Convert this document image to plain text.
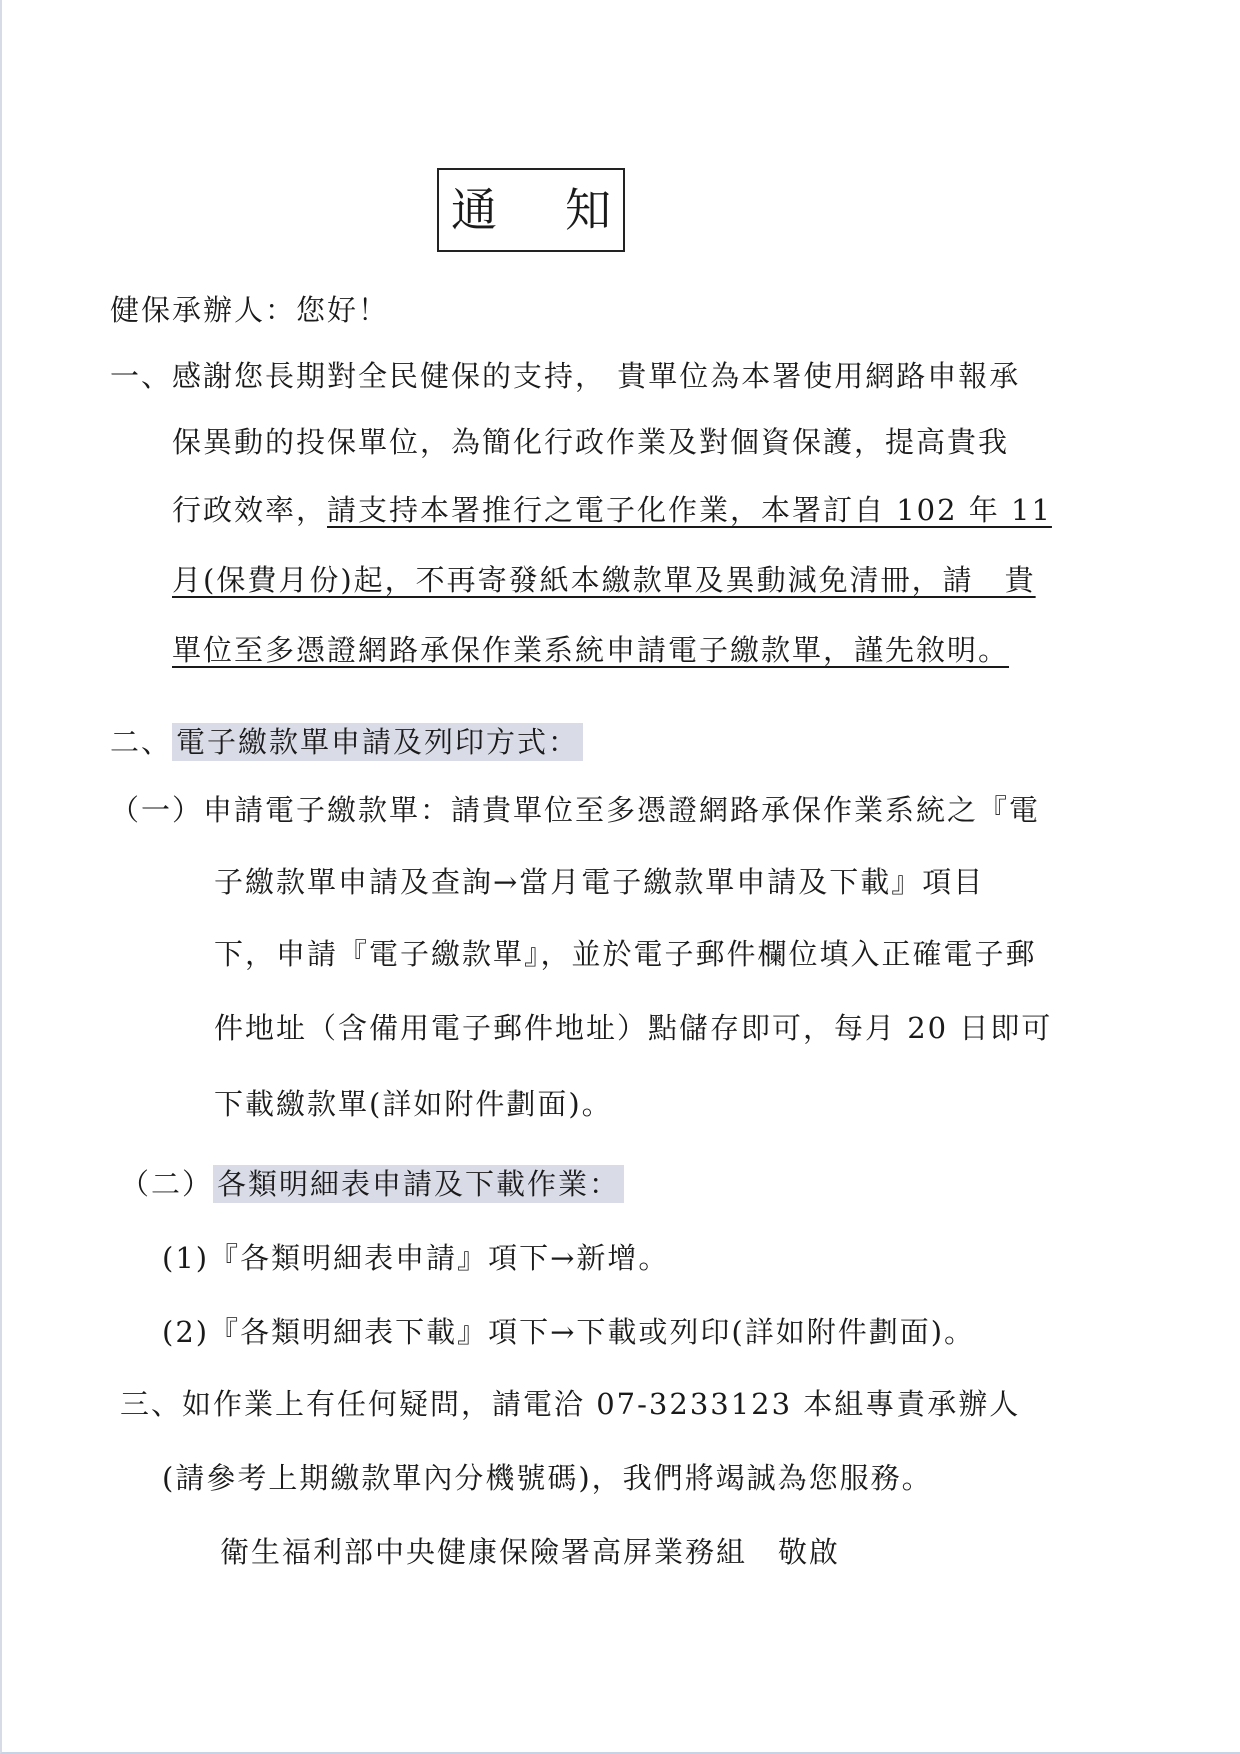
通 知
健保承辦人：您好！
一、感謝您長期對全民健保的支持， 貴單位為本署使用網路申報承
保異動的投保單位，為簡化行政作業及對個資保護，提高貴我
行政效率，請支持本署推行之電子化作業，本署訂自 102 年 11
月(保費月份)起，不再寄發紙本繳款單及異動減免清冊，請　貴
單位至多憑證網路承保作業系統申請電子繳款單，謹先敘明。
二、 電子繳款單申請及列印方式：
（一）申請電子繳款單：請貴單位至多憑證網路承保作業系統之『電
子繳款單申請及查詢→當月電子繳款單申請及下載』項目
下，申請『電子繳款單』，並於電子郵件欄位填入正確電子郵
件地址（含備用電子郵件地址）點儲存即可，每月 20 日即可
下載繳款單(詳如附件劃面)。
（二） 各類明細表申請及下載作業：
(1)『各類明細表申請』項下→新增。
(2)『各類明細表下載』項下→下載或列印(詳如附件劃面)。
三、如作業上有任何疑問，請電洽 07-3233123 本組專責承辦人
(請參考上期繳款單內分機號碼)，我們將竭誠為您服務。
衛生福利部中央健康保險署高屏業務組　敬啟
